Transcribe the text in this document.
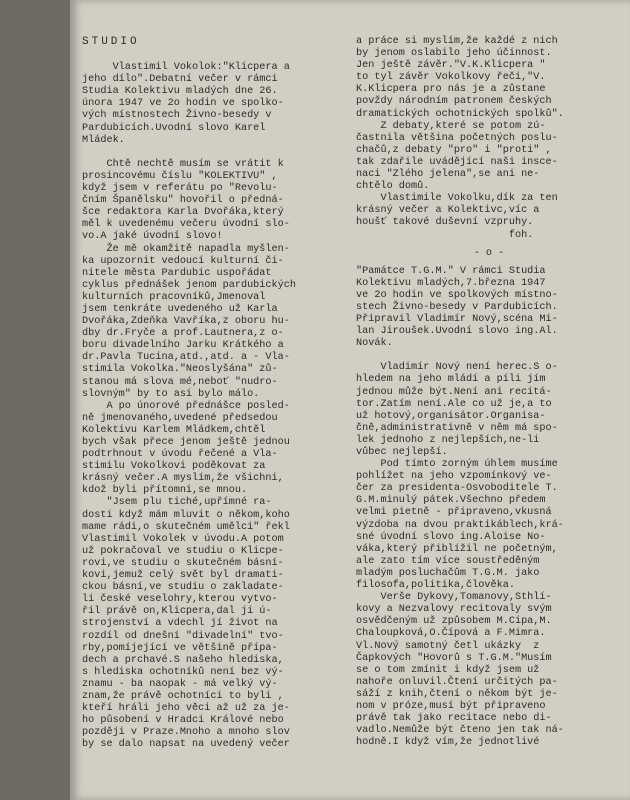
STUDIO

Vlastimil Vokolok:"Klicpera a

jeho dílo".Debatní večer v rámci

Studia Kolektivu mladých dne 26.

února 1947 ve 2o hodin ve spolko-

vých místnostech Živno-besedy v

Pardubicích.Uvodní slovo Karel

Mládek.

Chtě nechtě musím se vrátit k

prosincovému číslu "KOLEKTIVU" ,

když jsem v referátu po "Revolu-

čním Španělsku" hovořil o předná-

šce redaktora Karla Dvořáka,který

měl k uvedenému večeru úvodní slo-

vo.A jaké úvodní slovo!

Že mě okamžitě napadla myšlen-

ka upozornit vedoucí kulturní či-

nitele města Pardubic uspořádat

cyklus přednášek jenom pardubických

kulturních pracovníků,Jmenoval

jsem tenkráte uvedeného už Karla

Dvořáka,Zdeňka Vavříka,z oboru hu-

dby dr.Fryče a prof.Lautnera,z o-

boru divadelního Jarku Krátkého a

dr.Pavla Tucina,atd.,atd. a - Vla-

stimila Vokolka."Neoslyšána" zů-

stanou má slova mé,neboť "nudro-

slovným" by to asi bylo málo.

A po únorové přednášce posled-

ně jmenovaného,uvedené předsedou

Kolektivu Karlem Mládkem,chtěl

bych však přece jenom ještě jednou

podtrhnout v úvodu řečené a Vla-

stimilu Vokolkovi poděkovat za

krásný večer.A myslím,že všichni,

kdož byli přítomni,se mnou.

"Jsem plu tiché,upřímné ra-

dosti když mám mluvit o někom,koho

mame rádi,o skutečném umělci" řekl

Vlastimil Vokolek v úvodu.A potom

už pokračoval ve studiu o Klicpe-

rovi,ve studiu o skutečném básní-

kovi,jemuž celý svět byl dramati-

ckou básní,ve studiu o zakladate-

li české veselohry,kterou vytvo-

řil právě on,Klicpera,dal jí ú-

strojenství a vdechl jí život na

rozdíl od dnešní "divadelní" tvo-

rby,pomíjející ve většině přípa-

dech a prchavé.S našeho hlediska,

s hlediska ochotníků není bez vý-

znamu - ba naopak - má velký vý-

znam,že právě ochotníci to byli ,

kteří hráli jeho věci až už za je-

ho působení v Hradci Králové nebo

později v Praze.Mnoho a mnoho slov

by se dalo napsat na uvedený večer

a práce si myslím,že každé z nich

by jenom oslabilo jeho účinnost.

Jen ještě závěr."V.K.Klicpera "

to tyl závěr Vokolkovy řeči,"V.

K.Klicpera pro nás je a zůstane

povždy národním patronem českých

dramatických ochotnických spolků".

Z debaty,které se potom zú-

častnila většina početných poslu-

chačů,z debaty "pro" i "proti" ,

tak zdařile uvádějící naši insce-

naci "Zlého jelena",se ani ne-

chtělo domů.

Vlastimile Vokolku,dík za ten

krásný večer a Kolektivc,víc a

houšť takové duševní vzpruhy.

foh.

- o -

"Památce T.G.M." V rámci Studia

Kolektivu mladých,7.března 1947

ve 2o hodin ve spolkových místno-

stech Živno-besedy v Pardubicích.

Připravil Vladimír Nový,scéna Mi-

lan Jiroušek.Uvodní slovo ing.Al.

Novák.

Vladimír Nový není herec.S o-

hledem na jeho mládí a píli jím

jednou může být.Není ani recitá-

tor.Zatím není.Ale co už je,a to

už hotový,organisátor.Organisa-

čně,administrativně v něm má spo-

lek jednoho z nejlepších,ne-li

vůbec nejlepší.

Pod tímto zorným úhlem musíme

pohlížet na jeho vzpomínkový ve-

čer za presidenta-Osvoboditele T.

G.M.minulý pátek.Všechno předem

velmi pietně - připraveno,vkusná

výzdoba na dvou praktikáblech,krá-

sné úvodní slovo ing.Aloise No-

váka,který přiblížil ne početným,

ale zato tím více soustředěným

mladým posluchačům T.G.M. jako

filosofa,politika,člověka.

Verše Dykovy,Tomanovy,Sthlí-

kovy a Nezvalovy recitovaly svým

osvědčeným už způsobem M.Cipa,M.

Chaloupková,O.Čípová a F.Mimra.

Vl.Nový samotný četl ukázky  z

Čapkových "Hovorů s T.G.M."Musím

se o tom zmínit i když jsem už

nahoře onluvil.Čtení určitých pa-

sáží z knih,čtení o někom být je-

nom v próze,musí být připraveno

právě tak jako recitace nebo di-

vadlo.Nemůže být čteno jen tak ná-

hodně.I když vím,že jednotlivé
